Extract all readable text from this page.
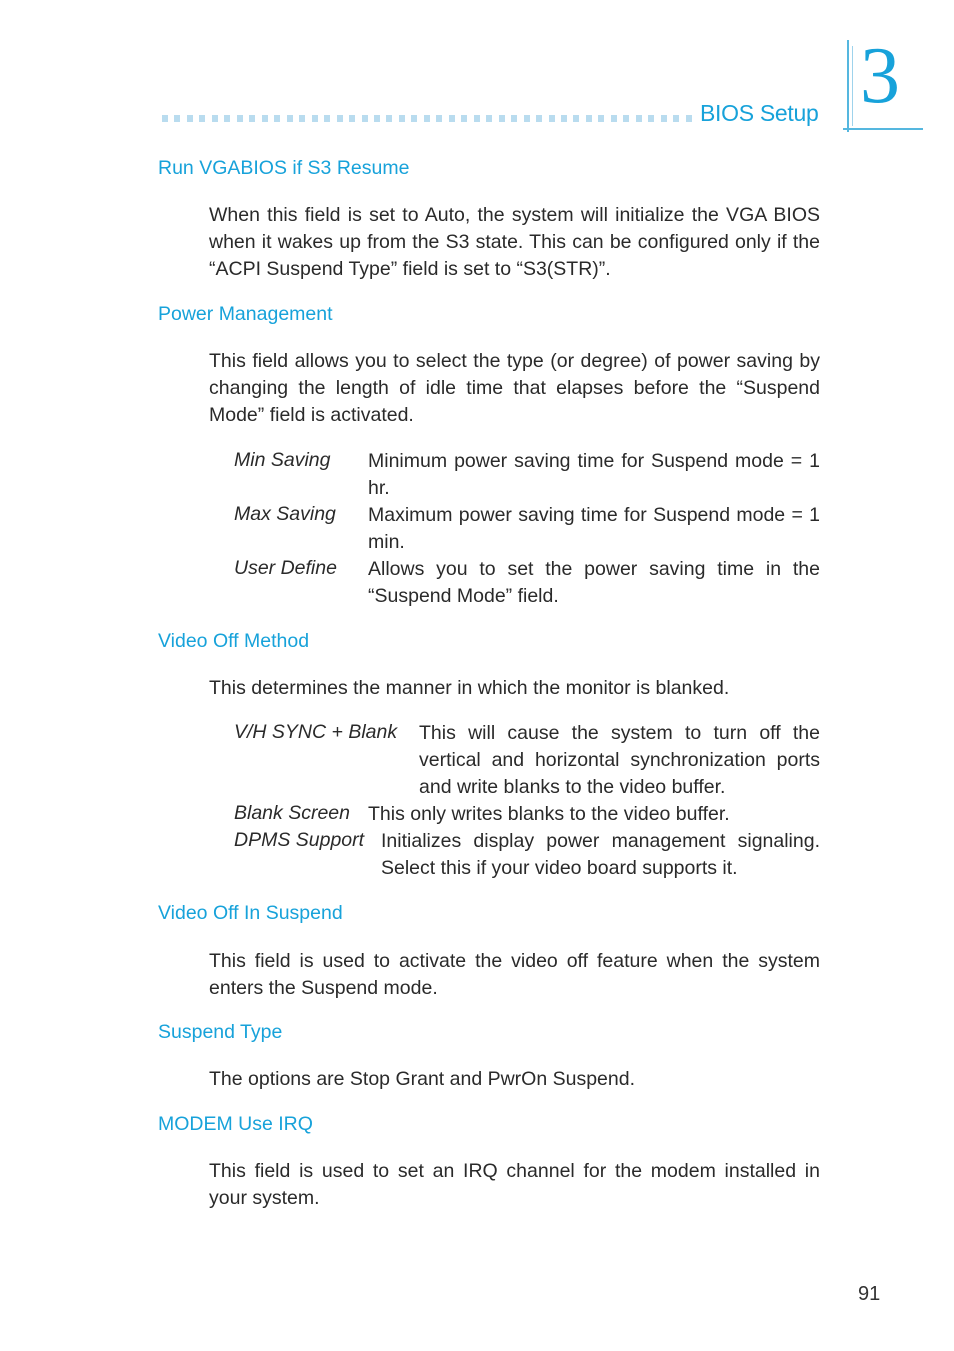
BIOS Setup 3
Run VGABIOS if S3 Resume
When this field is set to Auto, the system will initialize the VGA BIOS when it wakes up from the S3 state. This can be configured only if the “ACPI Suspend Type” field is set to “S3(STR)”.
Power Management
This field allows you to select the type (or degree) of power saving by changing the length of idle time that elapses before the “Suspend Mode” field is activated.
Min Saving Minimum power saving time for Suspend mode = 1 hr.
Max Saving Maximum power saving time for Suspend mode = 1 min.
User Define Allows you to set the power saving time in the “Suspend Mode” field.
Video Off Method
This determines the manner in which the monitor is blanked.
V/H SYNC + Blank This will cause the system to turn off the vertical and horizontal synchronization ports and write blanks to the video buffer.
Blank Screen This only writes blanks to the video buffer.
DPMS Support Initializes display power management signaling. Select this if your video board supports it.
Video Off In Suspend
This field is used to activate the video off feature when the system enters the Suspend mode.
Suspend Type
The options are Stop Grant and PwrOn Suspend.
MODEM Use IRQ
This field is used to set an IRQ channel for the modem installed in your system.
91
